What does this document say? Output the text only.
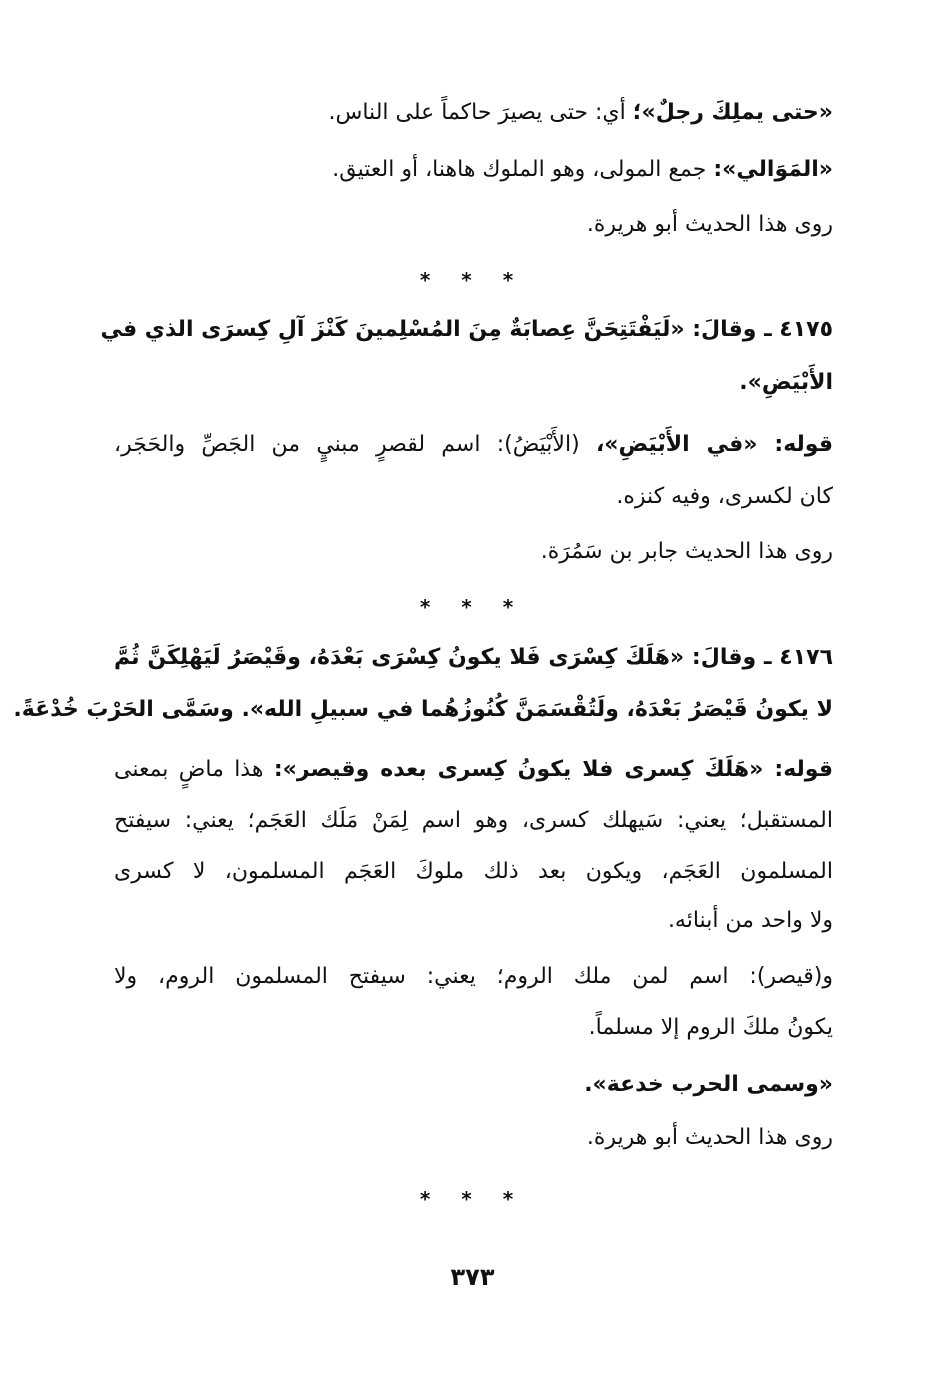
«حتى يملِكَ رجلٌ»؛ أي: حتى يصيرَ حاكماً على الناس.
«المَوَالي»: جمع المولى، وهو الملوك هاهنا، أو العتيق.
روى هذا الحديث أبو هريرة.
* * *
٤١٧٥ ـ وقالَ: «لَيَفْتَتِحَنَّ عِصابَةٌ مِنَ المُسْلِمينَ كَنْزَ آلِ كِسرَى الذي في
الأَبْيَضِ».
قوله: «في الأَبْيَضِ»، (الأَبْيَضُ): اسم لقصرٍ مبنيٍ من الجَصِّ والحَجَر،
كان لكسرى، وفيه كنزه.
روى هذا الحديث جابر بن سَمُرَة.
* * *
٤١٧٦ ـ وقالَ: «هَلَكَ كِسْرَى فَلا يكونُ كِسْرَى بَعْدَهُ، وقَيْصَرُ لَيَهْلِكَنَّ ثُمَّ
لا يكونُ قَيْصَرُ بَعْدَهُ، ولَتُقْسَمَنَّ كُنُوزُهُما في سبيلِ الله». وسَمَّى الحَرْبَ خُدْعَةً.
قوله: «هَلَكَ كِسرى فلا يكونُ كِسرى بعده وقيصر»: هذا ماضٍ بمعنى
المستقبل؛ يعني: سَيهلك كسرى، وهو اسم لِمَنْ مَلَك العَجَم؛ يعني: سيفتح
المسلمون العَجَم، ويكون بعد ذلك ملوكَ العَجَم المسلمون، لا كسرى
ولا واحد من أبنائه.
و(قيصر): اسم لمن ملك الروم؛ يعني: سيفتح المسلمون الروم، ولا
يكونُ ملكَ الروم إلا مسلماً.
«وسمى الحرب خدعة».
روى هذا الحديث أبو هريرة.
* * *
٣٧٣
